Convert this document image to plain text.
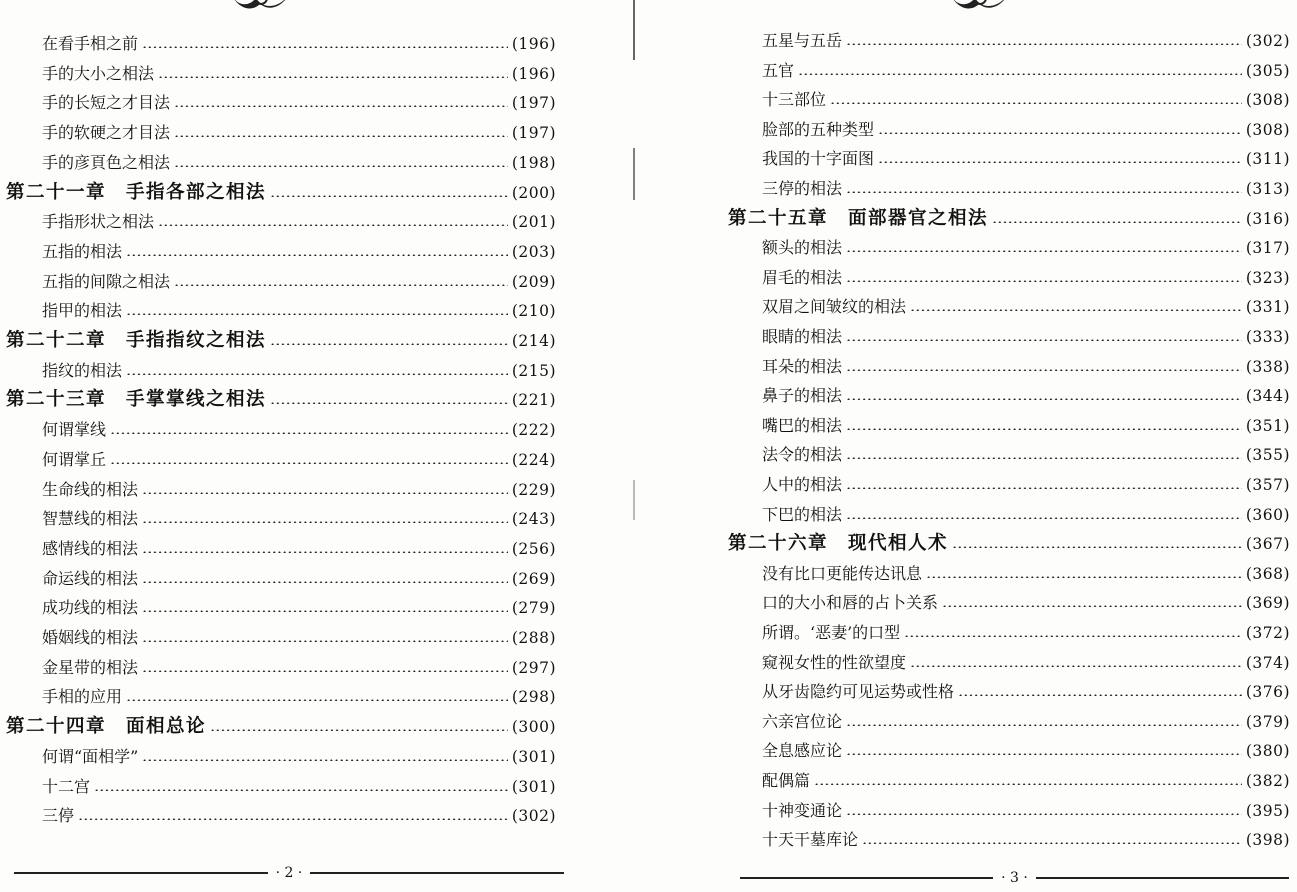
在看手相之前	(196)
手的大小之相法	(196)
手的长短之才目法	(197)
手的软硬之才目法	(197)
手的彦頁色之相法	(198)
第二十一章　手指各部之相法	(200)
手指形状之相法	(201)
五指的相法	(203)
五指的间隙之相法	(209)
指甲的相法	(210)
第二十二章　手指指纹之相法	(214)
指纹的相法	(215)
第二十三章　手掌掌线之相法	(221)
何谓掌线	(222)
何谓掌丘	(224)
生命线的相法	(229)
智慧线的相法	(243)
感情线的相法	(256)
命运线的相法	(269)
成功线的相法	(279)
婚姻线的相法	(288)
金星带的相法	(297)
手相的应用	(298)
第二十四章　面相总论	(300)
何谓“面相学”	(301)
十二宫	(301)
三停	(302)
· 2 ·
五星与五岳	(302)
五官	(305)
十三部位	(308)
脸部的五种类型	(308)
我国的十字面图	(311)
三停的相法	(313)
第二十五章　面部器官之相法	(316)
额头的相法	(317)
眉毛的相法	(323)
双眉之间皱纹的相法	(331)
眼睛的相法	(333)
耳朵的相法	(338)
鼻子的相法	(344)
嘴巴的相法	(351)
法令的相法	(355)
人中的相法	(357)
下巴的相法	(360)
第二十六章　现代相人术	(367)
没有比口更能传达讯息	(368)
口的大小和唇的占卜关系	(369)
所谓。‘恶妻’的口型	(372)
窥视女性的性欲望度	(374)
从牙齿隐约可见运势或性格	(376)
六亲宫位论	(379)
全息感应论	(380)
配偶篇	(382)
十神变通论	(395)
十天干墓库论	(398)
· 3 ·
